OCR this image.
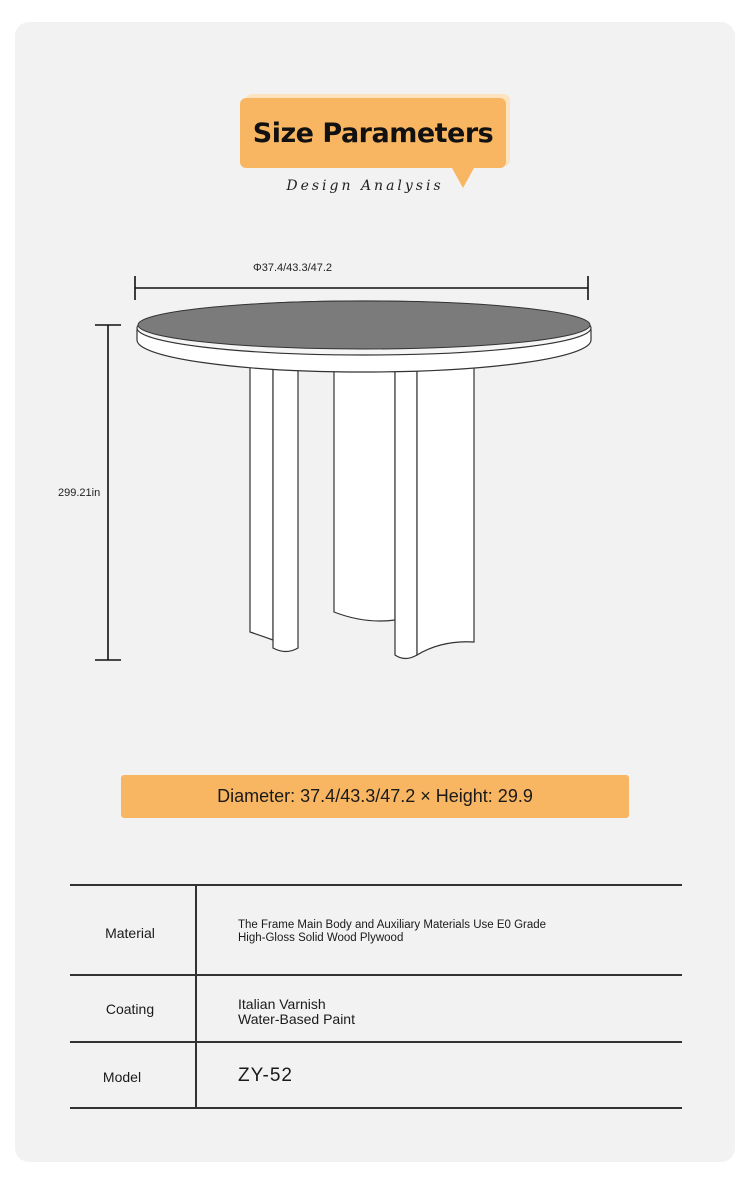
Size Parameters
Design Analysis
Φ37.4/43.3/47.2
299.21in
Diameter: 37.4/43.3/47.2 × Height: 29.9
Material	The Frame Main Body and Auxiliary Materials Use E0 Grade
High-Gloss Solid Wood Plywood
Coating	Italian Varnish
Water-Based Paint
Model	ZY-52
